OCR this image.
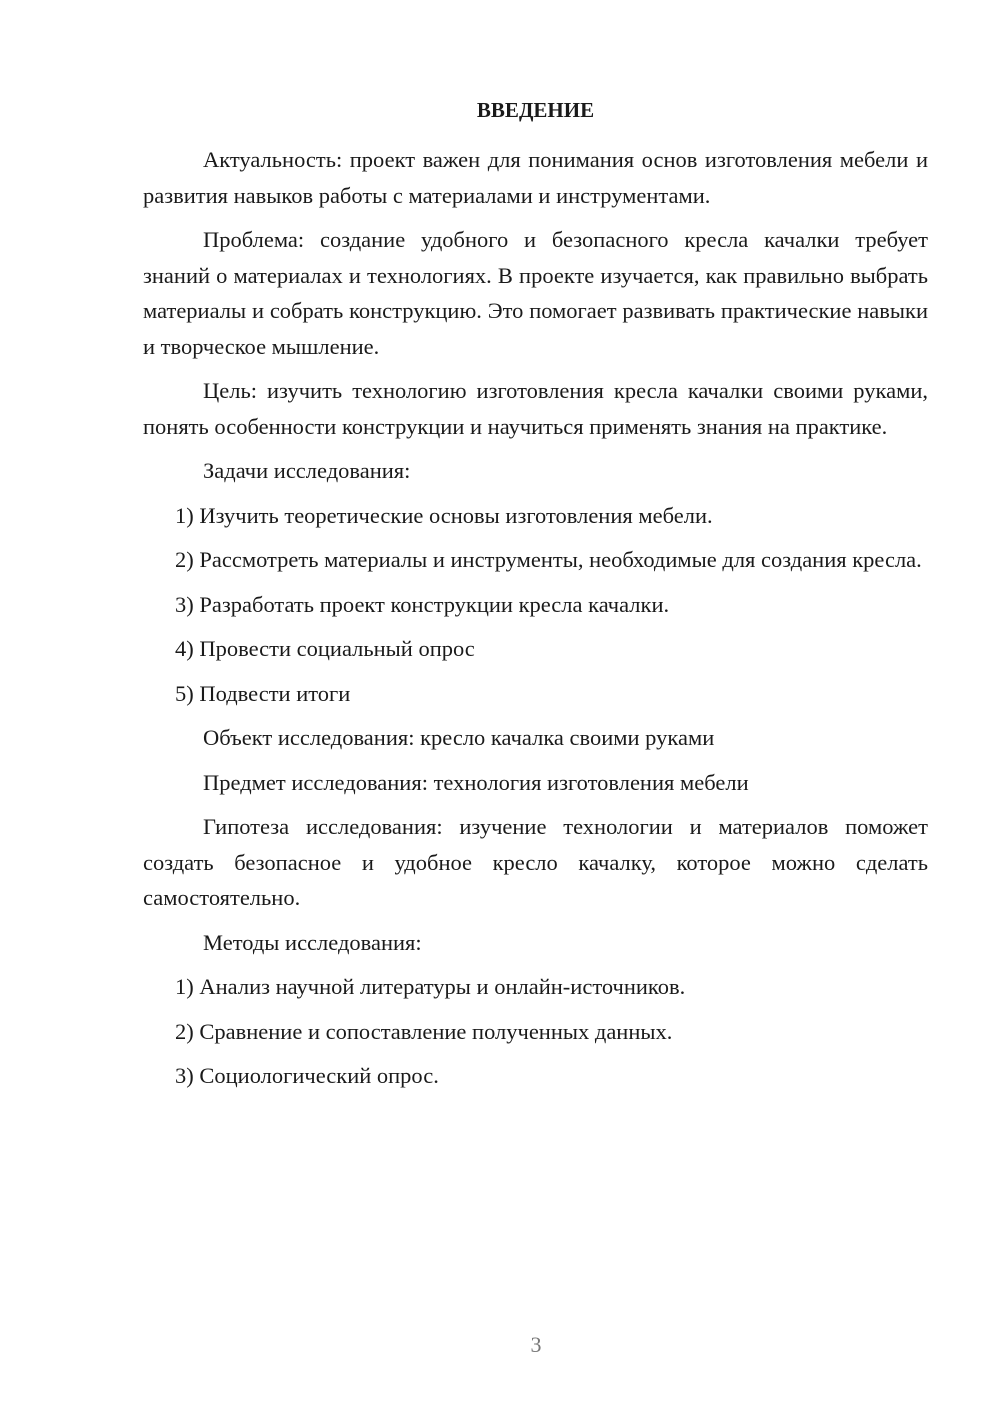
ВВЕДЕНИЕ

Актуальность: проект важен для понимания основ изготовления мебели и развития навыков работы с материалами и инструментами.

Проблема: создание удобного и безопасного кресла качалки требует знаний о материалах и технологиях. В проекте изучается, как правильно выбрать материалы и собрать конструкцию. Это помогает развивать практические навыки и творческое мышление.

Цель: изучить технологию изготовления кресла качалки своими руками, понять особенности конструкции и научиться применять знания на практике.

Задачи исследования:

1) Изучить теоретические основы изготовления мебели.

2) Рассмотреть материалы и инструменты, необходимые для создания кресла.

3) Разработать проект конструкции кресла качалки.

4) Провести социальный опрос

5) Подвести итоги

Объект исследования: кресло качалка своими руками

Предмет исследования: технология изготовления мебели

Гипотеза исследования: изучение технологии и материалов поможет создать безопасное и удобное кресло качалку, которое можно сделать самостоятельно.

Методы исследования:

1) Анализ научной литературы и онлайн-источников.

2) Сравнение и сопоставление полученных данных.

3) Социологический опрос.

3
